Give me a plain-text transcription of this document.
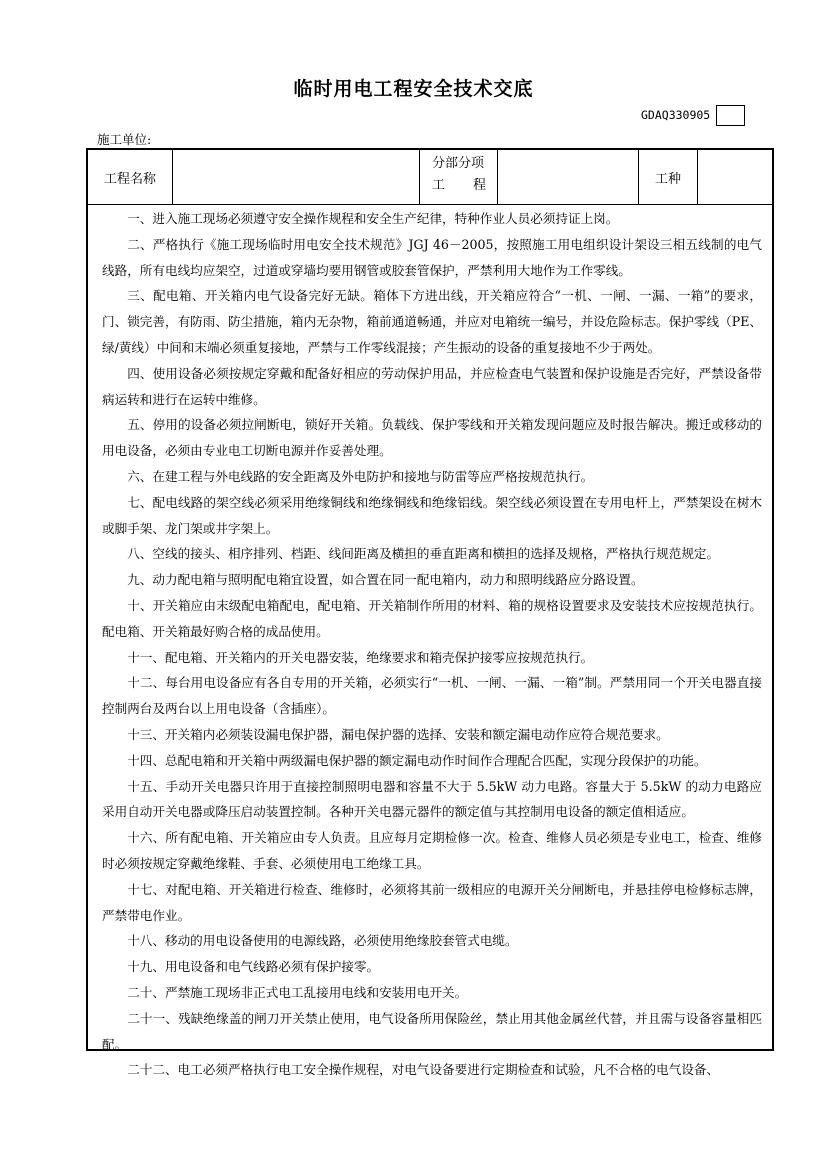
临时用电工程安全技术交底
GDAQ330905
施工单位:
工程名称
分部分项
工 程	工种

一、进入施工现场必须遵守安全操作规程和安全生产纪律，特种作业人员必须持证上岗。

二、严格执行《施工现场临时用电安全技术规范》JGJ 46－2005，按照施工用电组织设计架设三相五线制的电气线路，所有电线均应架空，过道或穿墙均要用钢管或胶套管保护，严禁利用大地作为工作零线。

三、配电箱、开关箱内电气设备完好无缺。箱体下方进出线，开关箱应符合“一机、一闸、一漏、一箱”的要求，门、锁完善，有防雨、防尘措施，箱内无杂物，箱前通道畅通，并应对电箱统一编号，并设危险标志。保护零线（PE、绿/黄线）中间和末端必须重复接地，严禁与工作零线混接；产生振动的设备的重复接地不少于两处。

四、使用设备必须按规定穿戴和配备好相应的劳动保护用品，并应检查电气装置和保护设施是否完好，严禁设备带病运转和进行在运转中维修。

五、停用的设备必须拉闸断电，锁好开关箱。负载线、保护零线和开关箱发现问题应及时报告解决。搬迁或移动的用电设备，必须由专业电工切断电源并作妥善处理。

六、在建工程与外电线路的安全距离及外电防护和接地与防雷等应严格按规范执行。

七、配电线路的架空线必须采用绝缘铜线和绝缘铜线和绝缘铝线。架空线必须设置在专用电杆上，严禁架设在树木或脚手架、龙门架或井字架上。

八、空线的接头、相序排列、档距、线间距离及横担的垂直距离和横担的选择及规格，严格执行规范规定。

九、动力配电箱与照明配电箱宜设置，如合置在同一配电箱内，动力和照明线路应分路设置。

十、开关箱应由末级配电箱配电，配电箱、开关箱制作所用的材料、箱的规格设置要求及安装技术应按规范执行。 配电箱、开关箱最好购合格的成品使用。

十一、配电箱、开关箱内的开关电器安装，绝缘要求和箱壳保护接零应按规范执行。

十二、每台用电设备应有各自专用的开关箱，必须实行“一机、一闸、一漏、一箱”制。严禁用同一个开关电器直接控制两台及两台以上用电设备（含插座）。

十三、开关箱内必须装设漏电保护器，漏电保护器的选择、安装和额定漏电动作应符合规范要求。

十四、总配电箱和开关箱中两级漏电保护器的额定漏电动作时间作合理配合匹配，实现分段保护的功能。

十五、手动开关电器只许用于直接控制照明电器和容量不大于 5.5kW 动力电路。容量大于 5.5kW 的动力电路应采用自动开关电器或降压启动装置控制。各种开关电器元器件的额定值与其控制用电设备的额定值相适应。

十六、所有配电箱、开关箱应由专人负责。且应每月定期检修一次。检查、维修人员必须是专业电工，检查、维修时必须按规定穿戴绝缘鞋、手套、必须使用电工绝缘工具。

十七、对配电箱、开关箱进行检查、维修时，必须将其前一级相应的电源开关分闸断电，并悬挂停电检修标志牌，严禁带电作业。

十八、移动的用电设备使用的电源线路，必须使用绝缘胶套管式电缆。

十九、用电设备和电气线路必须有保护接零。

二十、严禁施工现场非正式电工乱接用电线和安装用电开关。

二十一、残缺绝缘盖的闸刀开关禁止使用，电气设备所用保险丝，禁止用其他金属丝代替，并且需与设备容量相匹配。

二十二、电工必须严格执行电工安全操作规程，对电气设备要进行定期检查和试验，凡不合格的电气设备、
